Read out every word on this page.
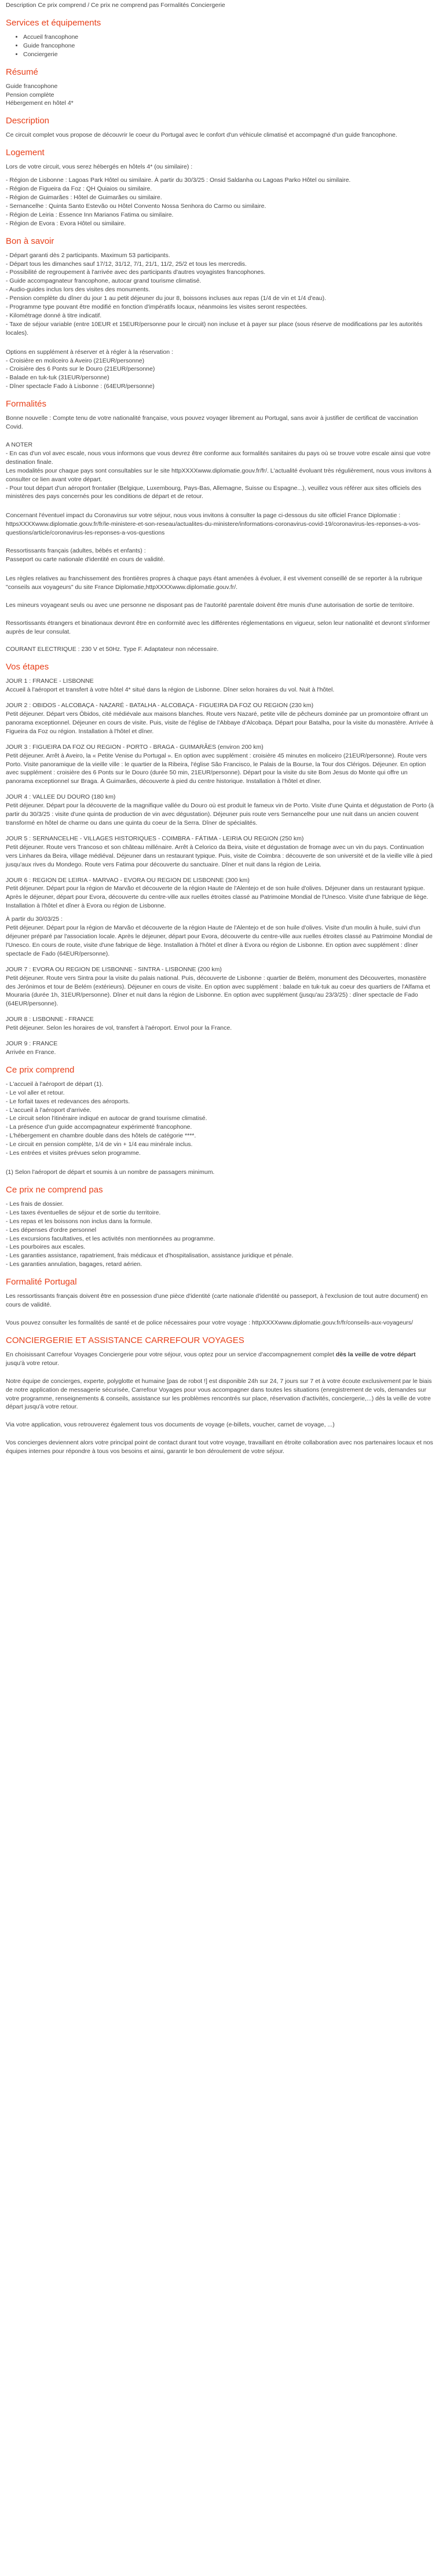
Description Ce prix comprend / Ce prix ne comprend pas Formalités Conciergerie
Services et équipements
• Accueil francophone
• Guide francophone
• Conciergerie
Résumé
Guide francophone
Pension complète
Hébergement en hôtel 4*
Description

Ce circuit complet vous propose de découvrir le coeur du Portugal avec le confort d'un véhicule climatisé et accompagné d'un guide francophone.

Logement

Lors de votre circuit, vous serez hébergés en hôtels 4* (ou similaire) :

- Région de Lisbonne : Lagoas Park Hôtel ou similaire. À partir du 30/3/25 : Onsid Saldanha ou Lagoas Parko Hôtel ou similaire.
- Région de Figueira da Foz : QH Quiaios ou similaire.
- Région de Guimarães : Hôtel de Guimarães ou similaire.
- Sernancelhe : Quinta Santo Estevão ou Hôtel Convento Nossa Senhora do Carmo ou similaire.
- Région de Leiria : Essence Inn Marianos Fatima ou similaire.
- Région de Evora : Evora Hôtel ou similaire.
Bon à savoir
- Départ garanti dès 2 participants. Maximum 53 participants.
- Départ tous les dimanches sauf 17/12, 31/12, 7/1, 21/1, 11/2, 25/2 et tous les mercredis.
- Possibilité de regroupement à l'arrivée avec des participants d'autres voyagistes francophones.
- Guide accompagnateur francophone, autocar grand tourisme climatisé.
- Audio-guides inclus lors des visites des monuments.
- Pension complète du dîner du jour 1 au petit déjeuner du jour 8, boissons incluses aux repas (1/4 de vin et 1/4 d'eau).
- Programme type pouvant être modifié en fonction d'impératifs locaux, néanmoins les visites seront respectées.
- Kilométrage donné à titre indicatif.
- Taxe de séjour variable (entre 10EUR et 15EUR/personne pour le circuit) non incluse et à payer sur place (sous réserve de modifications par les autorités locales).
Options en supplément à réserver et à régler à la réservation :
- Croisière en moliceiro à Aveiro (21EUR/personne)
- Croisière des 6 Ponts sur le Douro (21EUR/personne)
- Balade en tuk-tuk (31EUR/personne)
- Dîner spectacle Fado à Lisbonne : (64EUR/personne)
Formalités

Bonne nouvelle : Compte tenu de votre nationalité française, vous pouvez voyager librement au Portugal, sans avoir à justifier de certificat de vaccination Covid.

A NOTER
- En cas d'un vol avec escale, nous vous informons que vous devrez être conforme aux formalités sanitaires du pays où se trouve votre escale ainsi que votre destination finale.
Les modalités pour chaque pays sont consultables sur le site httpXXXXwww.diplomatie.gouv.fr/fr/. L'actualité évoluant très régulièrement, nous vous invitons à consulter ce lien avant votre départ.
- Pour tout départ d'un aéroport frontalier (Belgique, Luxembourg, Pays-Bas, Allemagne, Suisse ou Espagne...), veuillez vous référer aux sites officiels des ministères des pays concernés pour les conditions de départ et de retour.

Concernant l'éventuel impact du Coronavirus sur votre séjour, nous vous invitons à consulter la page ci-dessous du site officiel France Diplomatie : httpsXXXXwww.diplomatie.gouv.fr/fr/le-ministere-et-son-reseau/actualites-du-ministere/informations-coronavirus-covid-19/coronavirus-les-reponses-a-vos-questions/article/coronavirus-les-reponses-a-vos-questions

Ressortissants français (adultes, bébés et enfants) :
Passeport ou carte nationale d'identité en cours de validité.

Les règles relatives au franchissement des frontières propres à chaque pays étant amenées à évoluer, il est vivement conseillé de se reporter à la rubrique "conseils aux voyageurs" du site France Diplomatie,httpXXXXwww.diplomatie.gouv.fr/.

Les mineurs voyageant seuls ou avec une personne ne disposant pas de l'autorité parentale doivent être munis d'une autorisation de sortie de territoire.

Ressortissants étrangers et binationaux devront être en conformité avec les différentes réglementations en vigueur, selon leur nationalité et devront s'informer auprès de leur consulat.

COURANT ELECTRIQUE : 230 V et 50Hz. Type F. Adaptateur non nécessaire.

Vos étapes
JOUR 1 : FRANCE - LISBONNE
Accueil à l'aéroport et transfert à votre hôtel 4* situé dans la région de Lisbonne. Dîner selon horaires du vol. Nuit à l'hôtel.
JOUR 2 : OBIDOS - ALCOBAÇA - NAZARÉ - BATALHA - ALCOBAÇA - FIGUEIRA DA FOZ OU REGION (230 km)
Petit déjeuner. Départ vers Óbidos, cité médiévale aux maisons blanches. Route vers Nazaré, petite ville de pêcheurs dominée par un promontoire offrant un panorama exceptionnel. Déjeuner en cours de visite. Puis, visite de l'église de l'Abbaye d'Alcobaça. Départ pour Batalha, pour la visite du monastère. Arrivée à Figueira da Foz ou région. Installation à l'hôtel et dîner.
JOUR 3 : FIGUEIRA DA FOZ OU REGION - PORTO - BRAGA - GUIMARÃES (environ 200 km)
Petit déjeuner. Arrêt à Aveiro, la « Petite Venise du Portugal ». En option avec supplément : croisière 45 minutes en moliceiro (21EUR/personne). Route vers Porto. Visite panoramique de la vieille ville : le quartier de la Ribeira, l'église São Francisco, le Palais de la Bourse, la Tour dos Clérigos. Déjeuner. En option avec supplément : croisière des 6 Ponts sur le Douro (durée 50 min, 21EUR/personne). Départ pour la visite du site Bom Jesus do Monte qui offre un panorama exceptionnel sur Braga. À Guimarães, découverte à pied du centre historique. Installation à l'hôtel et dîner.
JOUR 4 : VALLEE DU DOURO (180 km)
Petit déjeuner. Départ pour la découverte de la magnifique vallée du Douro où est produit le fameux vin de Porto. Visite d'une Quinta et dégustation de Porto (à partir du 30/3/25 : visite d'une quinta de production de vin avec dégustation). Déjeuner puis route vers Sernancelhe pour une nuit dans un ancien couvent transformé en hôtel de charme ou dans une quinta du coeur de la Serra. Dîner de spécialités.
JOUR 5 : SERNANCELHE - VILLAGES HISTORIQUES - COIMBRA - FÁTIMA - LEIRIA OU REGION (250 km)
Petit déjeuner. Route vers Trancoso et son château millénaire. Arrêt à Celorico da Beira, visite et dégustation de fromage avec un vin du pays. Continuation vers Linhares da Beira, village médiéval. Déjeuner dans un restaurant typique. Puis, visite de Coimbra : découverte de son université et de la vieille ville à pied jusqu'aux rives du Mondego. Route vers Fatima pour découverte du sanctuaire. Dîner et nuit dans la région de Leiria.
JOUR 6 : REGION DE LEIRIA - MARVAO - EVORA OU REGION DE LISBONNE (300 km)
Petit déjeuner. Départ pour la région de Marvão et découverte de la région Haute de l'Alentejo et de son huile d'olives. Déjeuner dans un restaurant typique. Après le déjeuner, départ pour Evora, découverte du centre-ville aux ruelles étroites classé au Patrimoine Mondial de l'Unesco. Visite d'une fabrique de liège. Installation à l'hôtel et dîner à Evora ou région de Lisbonne.
À partir du 30/03/25 :
Petit déjeuner. Départ pour la région de Marvão et découverte de la région Haute de l'Alentejo et de son huile d'olives. Visite d'un moulin à huile, suivi d'un déjeuner préparé par l'association locale. Après le déjeuner, départ pour Evora, découverte du centre-ville aux ruelles étroites classé au Patrimoine Mondial de l'Unesco. En cours de route, visite d'une fabrique de liège. Installation à l'hôtel et dîner à Evora ou région de Lisbonne. En option avec supplément : dîner spectacle de Fado (64EUR/personne).
JOUR 7 : EVORA OU REGION DE LISBONNE - SINTRA - LISBONNE (200 km)
Petit déjeuner. Route vers Sintra pour la visite du palais national. Puis, découverte de Lisbonne : quartier de Belém, monument des Découvertes, monastère des Jerónimos et tour de Belém (extérieurs). Déjeuner en cours de visite. En option avec supplément : balade en tuk-tuk au coeur des quartiers de l'Alfama et Mouraria (durée 1h, 31EUR/personne). Dîner et nuit dans la région de Lisbonne. En option avec supplément (jusqu'au 23/3/25) : dîner spectacle de Fado (64EUR/personne).
JOUR 8 : LISBONNE - FRANCE
Petit déjeuner. Selon les horaires de vol, transfert à l'aéroport. Envol pour la France.
JOUR 9 : FRANCE
Arrivée en France.
Ce prix comprend
- L'accueil à l'aéroport de départ (1).
- Le vol aller et retour.
- Le forfait taxes et redevances des aéroports.
- L'accueil à l'aéroport d'arrivée.
- Le circuit selon l'itinéraire indiqué en autocar de grand tourisme climatisé.
- La présence d'un guide accompagnateur expérimenté francophone.
- L'hébergement en chambre double dans des hôtels de catégorie ****.
- Le circuit en pension complète, 1/4 de vin + 1/4 eau minérale inclus.
- Les entrées et visites prévues selon programme.

(1) Selon l'aéroport de départ et soumis à un nombre de passagers minimum.

Ce prix ne comprend pas
- Les frais de dossier.
- Les taxes éventuelles de séjour et de sortie du territoire.
- Les repas et les boissons non inclus dans la formule.
- Les dépenses d'ordre personnel
- Les excursions facultatives, et les activités non mentionnées au programme.
- Les pourboires aux escales.
- Les garanties assistance, rapatriement, frais médicaux et d'hospitalisation, assistance juridique et pénale.
- Les garanties annulation, bagages, retard aérien.
Formalité Portugal

Les ressortissants français doivent être en possession d'une pièce d'identité (carte nationale d'identité ou passeport, à l'exclusion de tout autre document) en cours de validité.

Vous pouvez consulter les formalités de santé et de police nécessaires pour votre voyage : httpXXXXwww.diplomatie.gouv.fr/fr/conseils-aux-voyageurs/

CONCIERGERIE ET ASSISTANCE CARREFOUR VOYAGES

En choisissant Carrefour Voyages Conciergerie pour votre séjour, vous optez pour un service d'accompagnement complet dès la veille de votre départ jusqu'à votre retour.

Notre équipe de concierges, experte, polyglotte et humaine [pas de robot !] est disponible 24h sur 24, 7 jours sur 7 et à votre écoute exclusivement par le biais de notre application de messagerie sécurisée, Carrefour Voyages pour vous accompagner dans toutes les situations (enregistrement de vols, demandes sur votre programme, renseignements & conseils, assistance sur les problèmes rencontrés sur place, réservation d'activités, conciergerie,...) dès la veille de votre départ jusqu'à votre retour.

Via votre application, vous retrouverez également tous vos documents de voyage (e-billets, voucher, carnet de voyage, ...)

Vos concierges deviennent alors votre principal point de contact durant tout votre voyage, travaillant en étroite collaboration avec nos partenaires locaux et nos équipes internes pour répondre à tous vos besoins et ainsi, garantir le bon déroulement de votre séjour.
